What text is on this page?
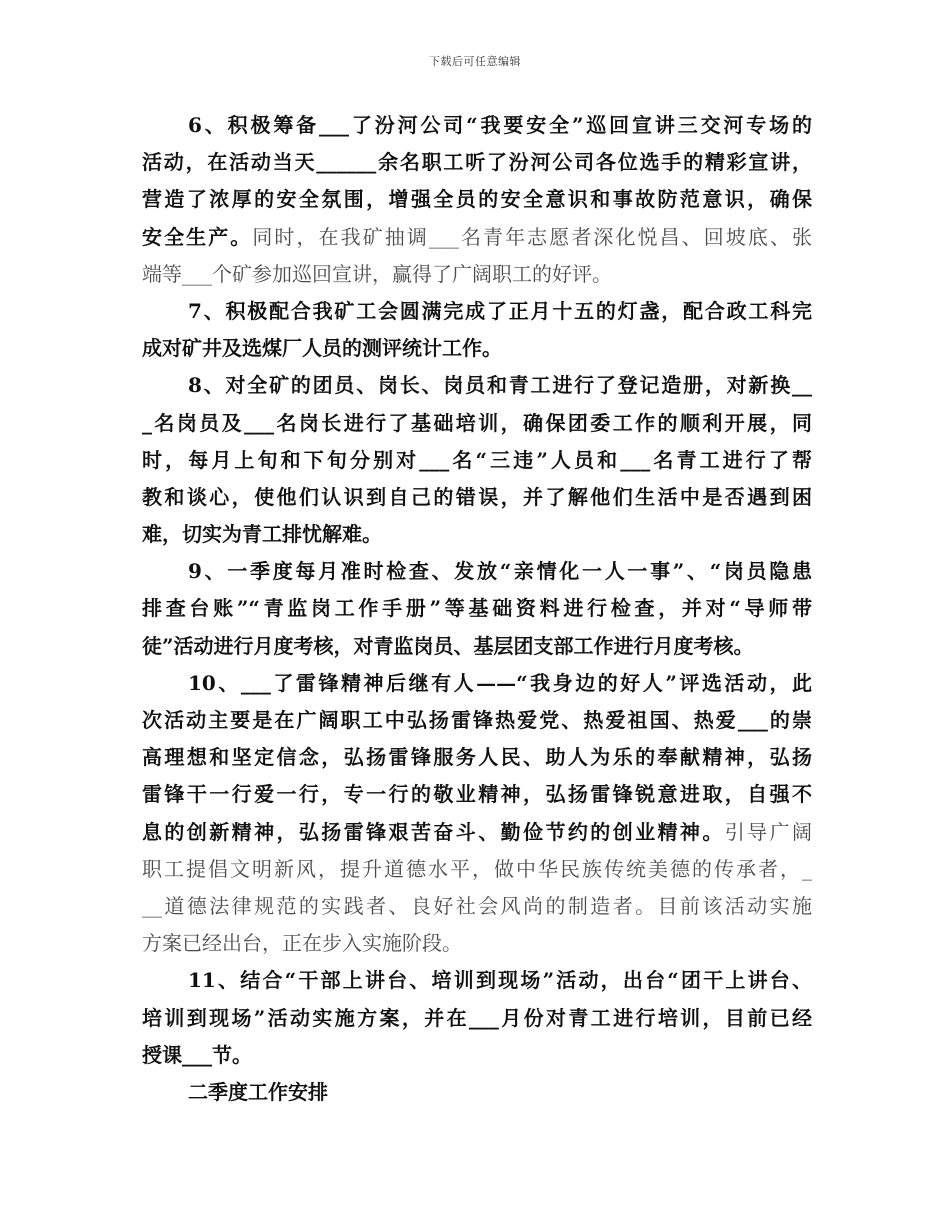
下载后可任意编辑
6、积极筹备___了汾河公司“我要安全”巡回宣讲三交河专场的
活动，在活动当天______余名职工听了汾河公司各位选手的精彩宣讲，
营造了浓厚的安全氛围，增强全员的安全意识和事故防范意识，确保
安全生产。同时，在我矿抽调___名青年志愿者深化悦昌、回坡底、张
端等___个矿参加巡回宣讲，赢得了广阔职工的好评。
7、积极配合我矿工会圆满完成了正月十五的灯盏，配合政工科完
成对矿井及选煤厂人员的测评统计工作。
8、对全矿的团员、岗长、岗员和青工进行了登记造册，对新换__
_名岗员及___名岗长进行了基础培训，确保团委工作的顺利开展，同
时，每月上旬和下旬分别对___名“三违”人员和___名青工进行了帮
教和谈心，使他们认识到自己的错误，并了解他们生活中是否遇到困
难，切实为青工排忧解难。
9、一季度每月准时检查、发放“亲情化一人一事”、“岗员隐患
排查台账”“青监岗工作手册”等基础资料进行检查，并对“导师带
徒”活动进行月度考核，对青监岗员、基层团支部工作进行月度考核。
10、___了雷锋精神后继有人——“我身边的好人”评选活动，此
次活动主要是在广阔职工中弘扬雷锋热爱党、热爱祖国、热爱___的崇
高理想和坚定信念，弘扬雷锋服务人民、助人为乐的奉献精神，弘扬
雷锋干一行爱一行，专一行的敬业精神，弘扬雷锋锐意进取，自强不
息的创新精神，弘扬雷锋艰苦奋斗、勤俭节约的创业精神。引导广阔
职工提倡文明新风，提升道德水平，做中华民族传统美德的传承者，_
__道德法律规范的实践者、良好社会风尚的制造者。目前该活动实施
方案已经出台，正在步入实施阶段。
11、结合“干部上讲台、培训到现场”活动，出台“团干上讲台、
培训到现场”活动实施方案，并在___月份对青工进行培训，目前已经
授课___节。
二季度工作安排
